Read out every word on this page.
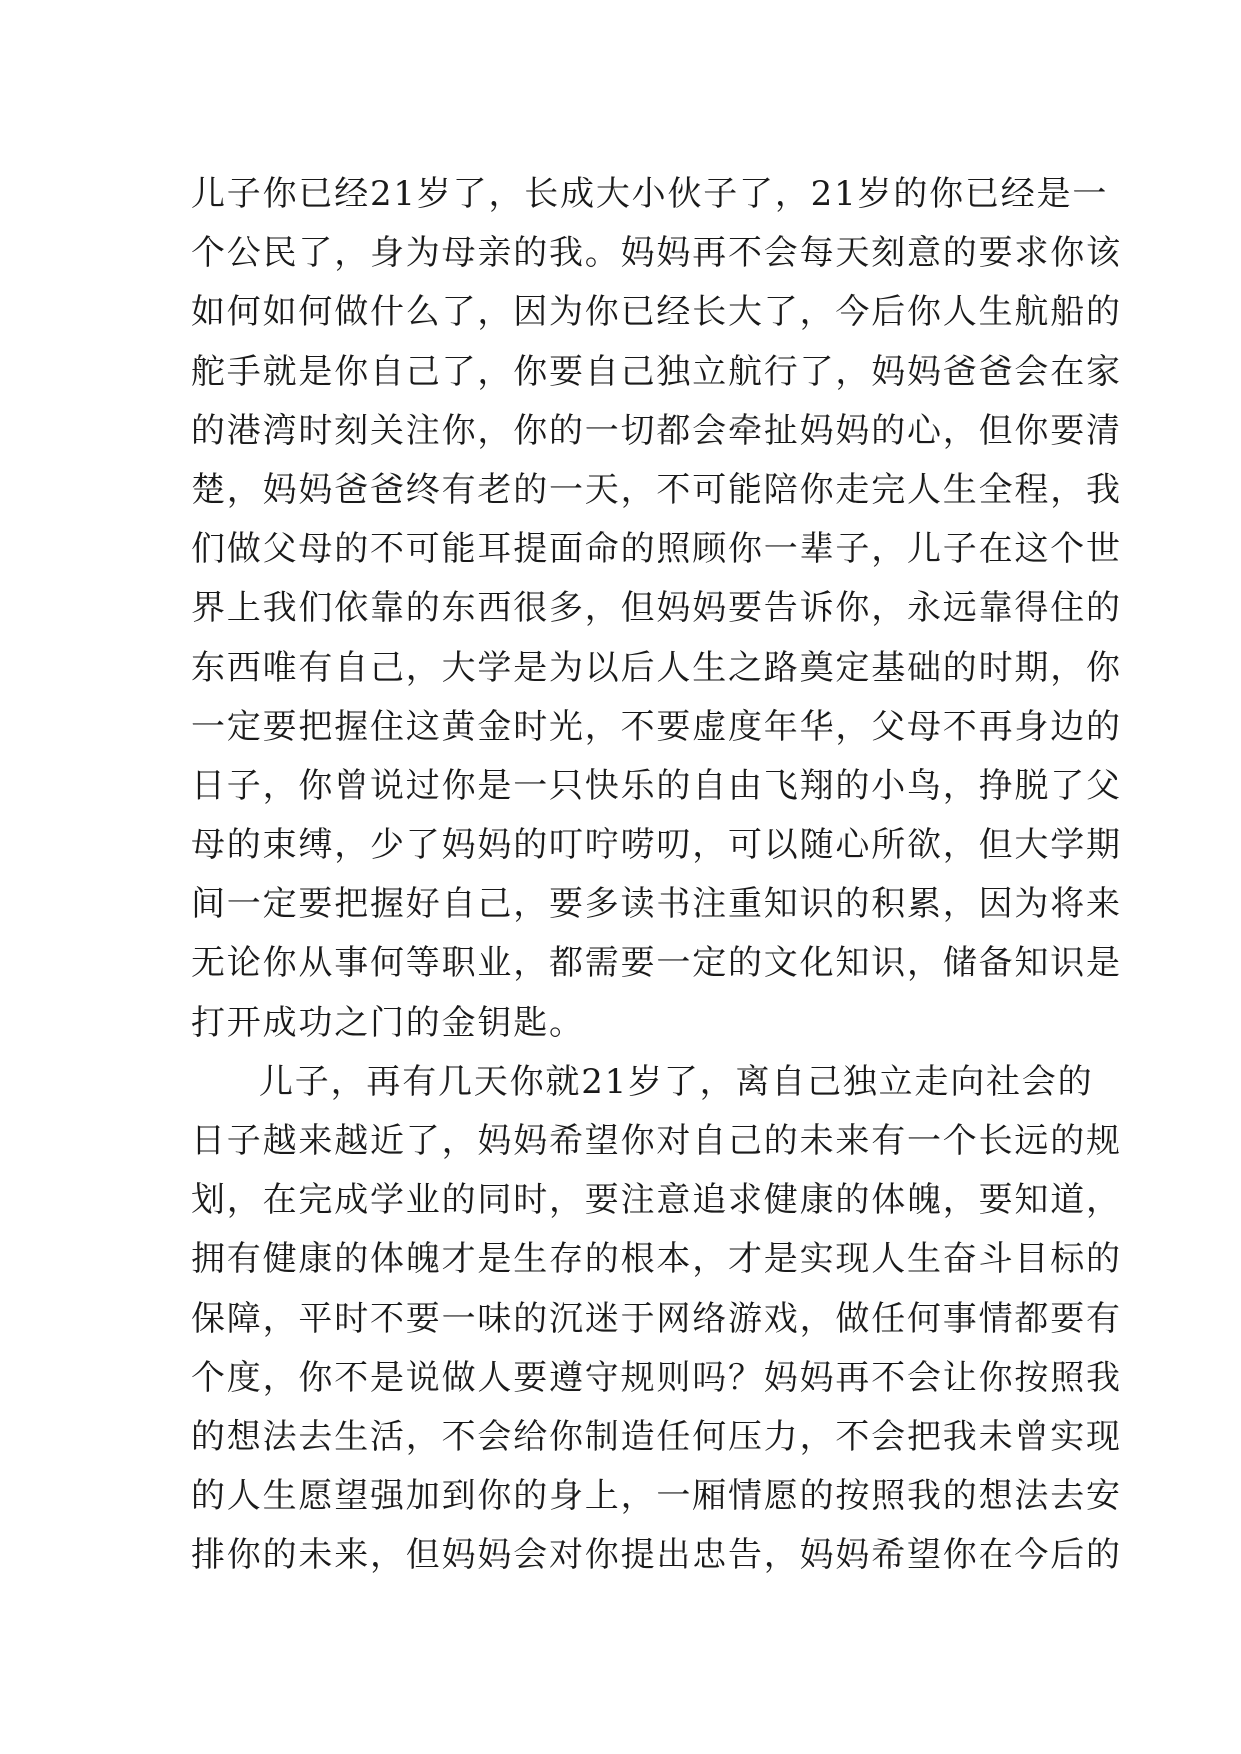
儿子你已经21岁了，长成大小伙子了，21岁的你已经是一
个公民了，身为母亲的我。妈妈再不会每天刻意的要求你该
如何如何做什么了，因为你已经长大了，今后你人生航船的
舵手就是你自己了，你要自己独立航行了，妈妈爸爸会在家
的港湾时刻关注你，你的一切都会牵扯妈妈的心，但你要清
楚，妈妈爸爸终有老的一天，不可能陪你走完人生全程，我
们做父母的不可能耳提面命的照顾你一辈子，儿子在这个世
界上我们依靠的东西很多，但妈妈要告诉你，永远靠得住的
东西唯有自己，大学是为以后人生之路奠定基础的时期，你
一定要把握住这黄金时光，不要虚度年华，父母不再身边的
日子，你曾说过你是一只快乐的自由飞翔的小鸟，挣脱了父
母的束缚，少了妈妈的叮咛唠叨，可以随心所欲，但大学期
间一定要把握好自己，要多读书注重知识的积累，因为将来
无论你从事何等职业，都需要一定的文化知识，储备知识是
打开成功之门的金钥匙。
儿子，再有几天你就21岁了，离自己独立走向社会的
日子越来越近了，妈妈希望你对自己的未来有一个长远的规
划，在完成学业的同时，要注意追求健康的体魄，要知道，
拥有健康的体魄才是生存的根本，才是实现人生奋斗目标的
保障，平时不要一味的沉迷于网络游戏，做任何事情都要有
个度，你不是说做人要遵守规则吗？妈妈再不会让你按照我
的想法去生活，不会给你制造任何压力，不会把我未曾实现
的人生愿望强加到你的身上，一厢情愿的按照我的想法去安
排你的未来，但妈妈会对你提出忠告，妈妈希望你在今后的
